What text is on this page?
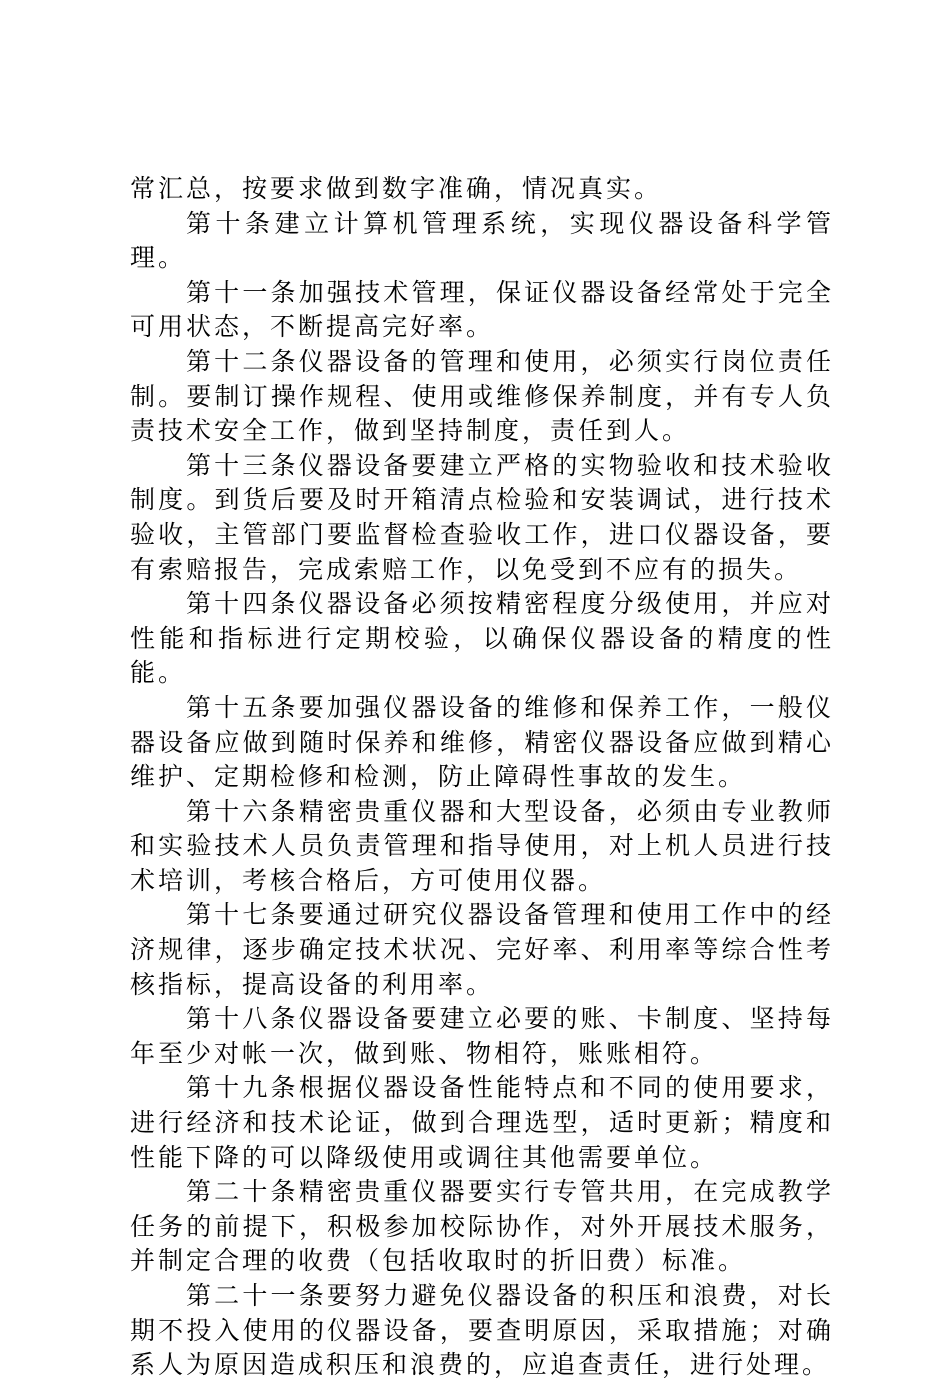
常汇总，按要求做到数字准确，情况真实。

第十条建立计算机管理系统，实现仪器设备科学管理。

第十一条加强技术管理，保证仪器设备经常处于完全可用状态，不断提高完好率。

第十二条仪器设备的管理和使用，必须实行岗位责任制。要制订操作规程、使用或维修保养制度，并有专人负责技术安全工作，做到坚持制度，责任到人。

第十三条仪器设备要建立严格的实物验收和技术验收制度。到货后要及时开箱清点检验和安装调试，进行技术验收，主管部门要监督检查验收工作，进口仪器设备，要有索赔报告，完成索赔工作，以免受到不应有的损失。

第十四条仪器设备必须按精密程度分级使用，并应对性能和指标进行定期校验，以确保仪器设备的精度的性能。

第十五条要加强仪器设备的维修和保养工作，一般仪器设备应做到随时保养和维修，精密仪器设备应做到精心维护、定期检修和检测，防止障碍性事故的发生。

第十六条精密贵重仪器和大型设备，必须由专业教师和实验技术人员负责管理和指导使用，对上机人员进行技术培训，考核合格后，方可使用仪器。

第十七条要通过研究仪器设备管理和使用工作中的经济规律，逐步确定技术状况、完好率、利用率等综合性考核指标，提高设备的利用率。

第十八条仪器设备要建立必要的账、卡制度、坚持每年至少对帐一次，做到账、物相符，账账相符。

第十九条根据仪器设备性能特点和不同的使用要求，进行经济和技术论证，做到合理选型，适时更新；精度和性能下降的可以降级使用或调往其他需要单位。

第二十条精密贵重仪器要实行专管共用，在完成教学任务的前提下，积极参加校际协作，对外开展技术服务，并制定合理的收费（包括收取时的折旧费）标准。

第二十一条要努力避免仪器设备的积压和浪费，对长期不投入使用的仪器设备，要查明原因，采取措施；对确系人为原因造成积压和浪费的，应追查责任，进行处理。
